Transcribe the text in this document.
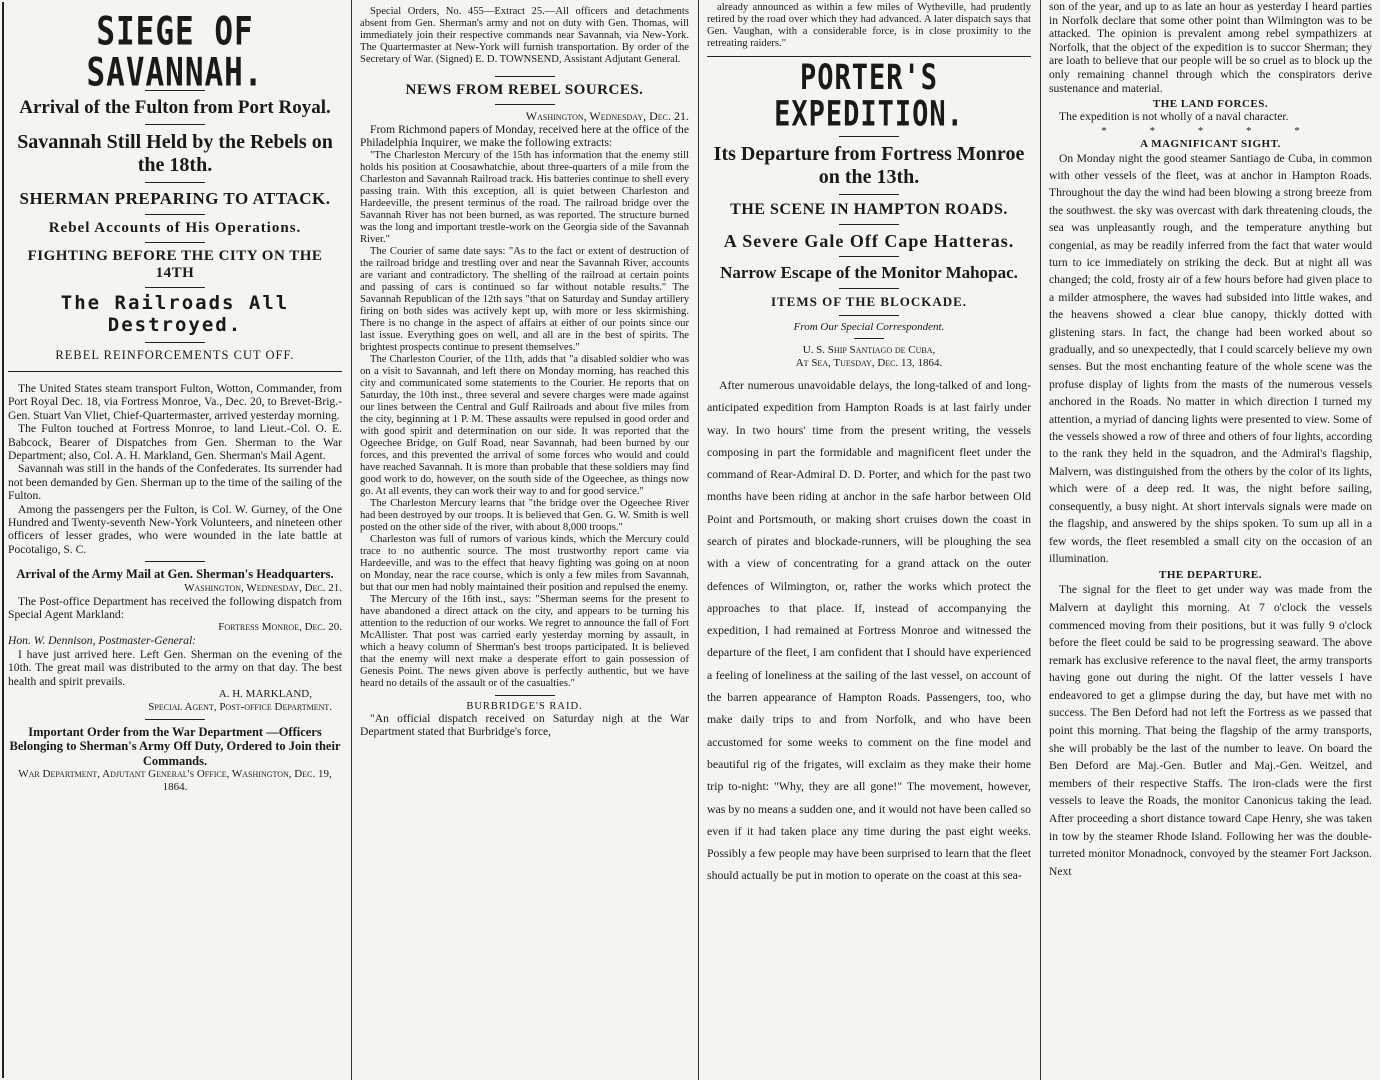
SIEGE OF SAVANNAH.
Arrival of the Fulton from Port Royal.
Savannah Still Held by the Rebels on the 18th.
SHERMAN PREPARING TO ATTACK.
Rebel Accounts of His Operations.
FIGHTING BEFORE THE CITY ON THE 14TH
The Railroads All Destroyed.
REBEL REINFORCEMENTS CUT OFF.

The United States steam transport Fulton, Wotton, Commander, from Port Royal Dec. 18, via Fortress Monroe, Va., Dec. 20, to Brevet-Brig.-Gen. Stuart Van Vliet, Chief-Quartermaster, arrived yesterday morning.

The Fulton touched at Fortress Monroe, to land Lieut.-Col. O. E. Babcock, Bearer of Dispatches from Gen. Sherman to the War Department; also, Col. A. H. Markland, Gen. Sherman's Mail Agent.

Savannah was still in the hands of the Confederates. Its surrender had not been demanded by Gen. Sherman up to the time of the sailing of the Fulton.

Among the passengers per the Fulton, is Col. W. Gurney, of the One Hundred and Twenty-seventh New-York Volunteers, and nineteen other officers of lesser grades, who were wounded in the late battle at Pocotaligo, S. C.

Arrival of the Army Mail at Gen. Sherman's Headquarters.
Washington, Wednesday, Dec. 21.

The Post-office Department has received the following dispatch from Special Agent Markland:

Fortress Monroe, Dec. 20.

Hon. W. Dennison, Postmaster-General:

I have just arrived here. Left Gen. Sherman on the evening of the 10th. The great mail was distributed to the army on that day. The best health and spirit prevails.

A. H. MARKLAND,
Special Agent, Post-office Department.
Important Order from the War Department —Officers Belonging to Sherman's Army Off Duty, Ordered to Join their Commands.
War Department, Adjutant General's Office, Washington, Dec. 19, 1864.

Special Orders, No. 455—Extract 25.—All officers and detachments absent from Gen. Sherman's army and not on duty with Gen. Thomas, will immediately join their respective commands near Savannah, via New-York. The Quartermaster at New-York will furnish transportation. By order of the Secretary of War. (Signed) E. D. TOWNSEND, Assistant Adjutant General.

NEWS FROM REBEL SOURCES.
Washington, Wednesday, Dec. 21.

From Richmond papers of Monday, received here at the office of the Philadelphia Inquirer, we make the following extracts:

"The Charleston Mercury of the 15th has information that the enemy still holds his position at Coosawhatchie, about three-quarters of a mile from the Charleston and Savannah Railroad track. His batteries continue to shell every passing train. With this exception, all is quiet between Charleston and Hardeeville, the present terminus of the road. The railroad bridge over the Savannah River has not been burned, as was reported. The structure burned was the long and important trestle-work on the Georgia side of the Savannah River."

The Courier of same date says: "As to the fact or extent of destruction of the railroad bridge and trestling over and near the Savannah River, accounts are variant and contradictory. The shelling of the railroad at certain points and passing of cars is continued so far without notable results." The Savannah Republican of the 12th says "that on Saturday and Sunday artillery firing on both sides was actively kept up, with more or less skirmishing. There is no change in the aspect of affairs at either of our points since our last issue. Everything goes on well, and all are in the best of spirits. The brightest prospects continue to present themselves."

The Charleston Courier, of the 11th, adds that "a disabled soldier who was on a visit to Savannah, and left there on Monday morning, has reached this city and communicated some statements to the Courier. He reports that on Saturday, the 10th inst., three several and severe charges were made against our lines between the Central and Gulf Railroads and about five miles from the city, beginning at 1 P. M. These assaults were repulsed in good order and with good spirit and determination on our side. It was reported that the Ogeechee Bridge, on Gulf Road, near Savannah, had been burned by our forces, and this prevented the arrival of some forces who would and could have reached Savannah. It is more than probable that these soldiers may find good work to do, however, on the south side of the Ogeechee, as things now go. At all events, they can work their way to and for good service."

The Charleston Mercury learns that "the bridge over the Ogeechee River had been destroyed by our troops. It is believed that Gen. G. W. Smith is well posted on the other side of the river, with about 8,000 troops."

Charleston was full of rumors of various kinds, which the Mercury could trace to no authentic source. The most trustworthy report came via Hardeeville, and was to the effect that heavy fighting was going on at noon on Monday, near the race course, which is only a few miles from Savannah, but that our men had nobly maintained their position and repulsed the enemy.

The Mercury of the 16th inst., says: "Sherman seems for the present to have abandoned a direct attack on the city, and appears to be turning his attention to the reduction of our works. We regret to announce the fall of Fort McAllister. That post was carried early yesterday morning by assault, in which a heavy column of Sherman's best troops participated. It is believed that the enemy will next make a desperate effort to gain possession of Genesis Point. The news given above is perfectly authentic, but we have heard no details of the assault or of the casualties."

BURBRIDGE'S RAID.

"An official dispatch received on Saturday nigh at the War Department stated that Burbridge's force,

already announced as within a few miles of Wytheville, had prudently retired by the road over which they had advanced. A later dispatch says that Gen. Vaughan, with a considerable force, is in close proximity to the retreating raiders."

PORTER'S EXPEDITION.
Its Departure from Fortress Monroe on the 13th.
THE SCENE IN HAMPTON ROADS.
A Severe Gale Off Cape Hatteras.
Narrow Escape of the Monitor Mahopac.
ITEMS OF THE BLOCKADE.
From Our Special Correspondent.
U. S. Ship Santiago de Cuba,
At Sea, Tuesday, Dec. 13, 1864.

After numerous unavoidable delays, the long-talked of and long-anticipated expedition from Hampton Roads is at last fairly under way. In two hours' time from the present writing, the vessels composing in part the formidable and magnificent fleet under the command of Rear-Admiral D. D. Porter, and which for the past two months have been riding at anchor in the safe harbor between Old Point and Portsmouth, or making short cruises down the coast in search of pirates and blockade-runners, will be ploughing the sea with a view of concentrating for a grand attack on the outer defences of Wilmington, or, rather the works which protect the approaches to that place. If, instead of accompanying the expedition, I had remained at Fortress Monroe and witnessed the departure of the fleet, I am confident that I should have experienced a feeling of loneliness at the sailing of the last vessel, on account of the barren appearance of Hampton Roads. Passengers, too, who make daily trips to and from Norfolk, and who have been accustomed for some weeks to comment on the fine model and beautiful rig of the frigates, will exclaim as they make their home trip to-night: "Why, they are all gone!" The movement, however, was by no means a sudden one, and it would not have been called so even if it had taken place any time during the past eight weeks. Possibly a few people may have been surprised to learn that the fleet should actually be put in motion to operate on the coast at this sea-

son of the year, and up to as late an hour as yesterday I heard parties in Norfolk declare that some other point than Wilmington was to be attacked. The opinion is prevalent among rebel sympathizers at Norfolk, that the object of the expedition is to succor Sherman; they are loath to believe that our people will be so cruel as to block up the only remaining channel through which the conspirators derive sustenance and material.

THE LAND FORCES.

The expedition is not wholly of a naval character.

* * * * *
A MAGNIFICANT SIGHT.

On Monday night the good steamer Santiago de Cuba, in common with other vessels of the fleet, was at anchor in Hampton Roads. Throughout the day the wind had been blowing a strong breeze from the southwest. the sky was overcast with dark threatening clouds, the sea was unpleasantly rough, and the temperature anything but congenial, as may be readily inferred from the fact that water would turn to ice immediately on striking the deck. But at night all was changed; the cold, frosty air of a few hours before had given place to a milder atmosphere, the waves had subsided into little wakes, and the heavens showed a clear blue canopy, thickly dotted with glistening stars. In fact, the change had been worked about so gradually, and so unexpectedly, that I could scarcely believe my own senses. But the most enchanting feature of the whole scene was the profuse display of lights from the masts of the numerous vessels anchored in the Roads. No matter in which direction I turned my attention, a myriad of dancing lights were presented to view. Some of the vessels showed a row of three and others of four lights, according to the rank they held in the squadron, and the Admiral's flagship, Malvern, was distinguished from the others by the color of its lights, which were of a deep red. It was, the night before sailing, consequently, a busy night. At short intervals signals were made on the flagship, and answered by the ships spoken. To sum up all in a few words, the fleet resembled a small city on the occasion of an illumination.

THE DEPARTURE.

The signal for the fleet to get under way was made from the Malvern at daylight this morning. At 7 o'clock the vessels commenced moving from their positions, but it was fully 9 o'clock before the fleet could be said to be progressing seaward. The above remark has exclusive reference to the naval fleet, the army transports having gone out during the night. Of the latter vessels I have endeavored to get a glimpse during the day, but have met with no success. The Ben Deford had not left the Fortress as we passed that point this morning. That being the flagship of the army transports, she will probably be the last of the number to leave. On board the Ben Deford are Maj.-Gen. Butler and Maj.-Gen. Weitzel, and members of their respective Staffs. The iron-clads were the first vessels to leave the Roads, the monitor Canonicus taking the lead. After proceeding a short distance toward Cape Henry, she was taken in tow by the steamer Rhode Island. Following her was the double-turreted monitor Monadnock, convoyed by the steamer Fort Jackson. Next
